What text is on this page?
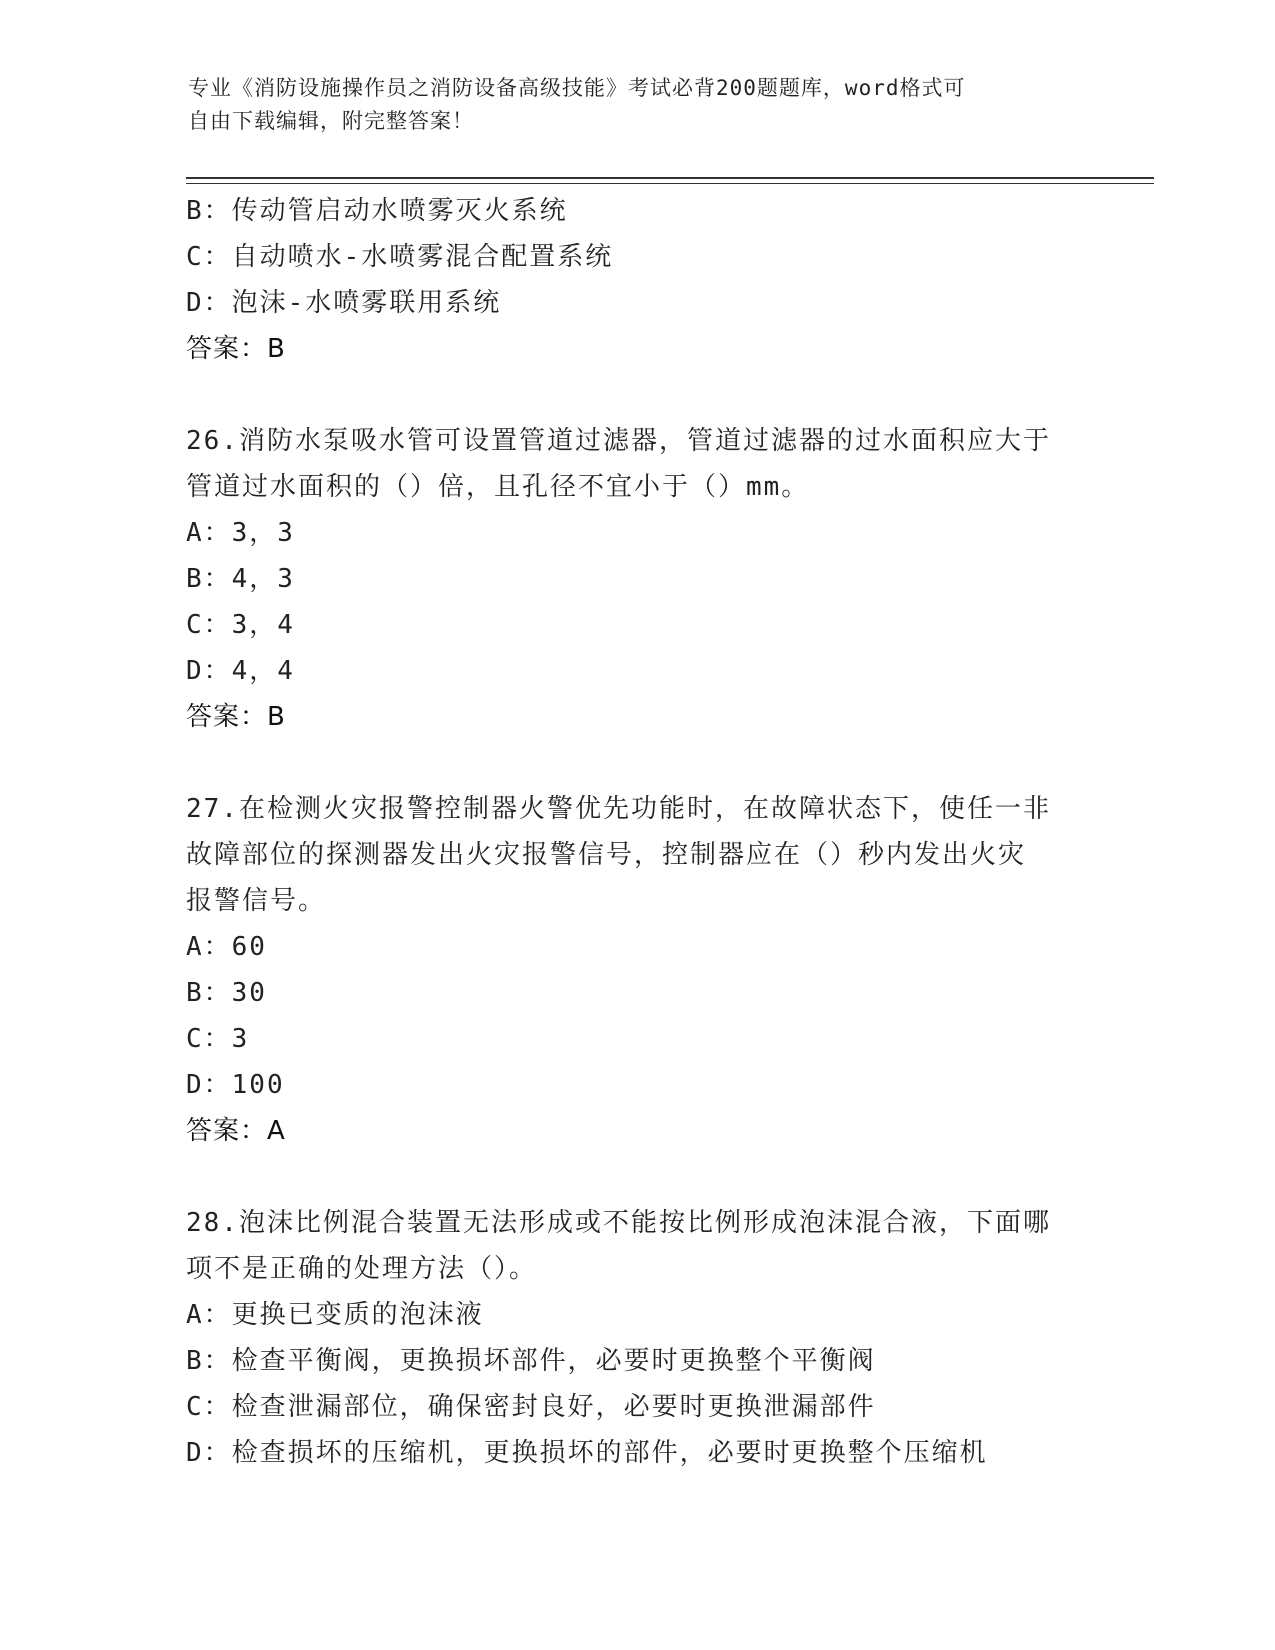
专业《消防设施操作员之消防设备高级技能》考试必背200题题库，word格式可
自由下载编辑，附完整答案！
B：传动管启动水喷雾灭火系统
C：自动喷水-水喷雾混合配置系统
D：泡沫-水喷雾联用系统
答案：B
26.消防水泵吸水管可设置管道过滤器，管道过滤器的过水面积应大于
管道过水面积的（）倍，且孔径不宜小于（）mm。
A：3，3
B：4，3
C：3，4
D：4，4
答案：B
27.在检测火灾报警控制器火警优先功能时，在故障状态下，使任一非
故障部位的探测器发出火灾报警信号，控制器应在（）秒内发出火灾
报警信号。
A：60
B：30
C：3
D：100
答案：A
28.泡沫比例混合装置无法形成或不能按比例形成泡沫混合液，下面哪
项不是正确的处理方法（）。
A：更换已变质的泡沫液
B：检查平衡阀，更换损坏部件，必要时更换整个平衡阀
C：检查泄漏部位，确保密封良好，必要时更换泄漏部件
D：检查损坏的压缩机，更换损坏的部件，必要时更换整个压缩机
